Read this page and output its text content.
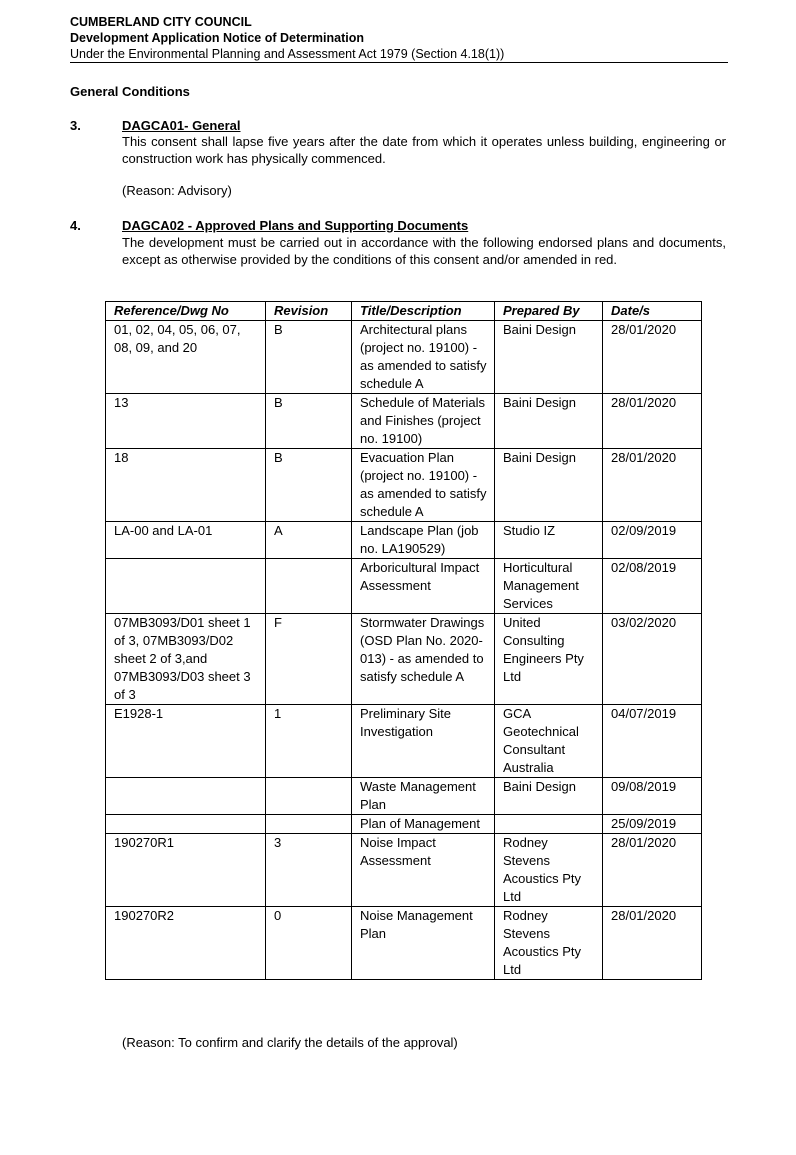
CUMBERLAND CITY COUNCIL
Development Application Notice of Determination
Under the Environmental Planning and Assessment Act 1979 (Section 4.18(1))
General Conditions
3.	DAGCA01- General
This consent shall lapse five years after the date from which it operates unless building, engineering or construction work has physically commenced.
(Reason: Advisory)
4.	DAGCA02 - Approved Plans and Supporting Documents
The development must be carried out in accordance with the following endorsed plans and documents, except as otherwise provided by the conditions of this consent and/or amended in red.
Reference/Dwg No	Revision	Title/Description	Prepared By	Date/s
01, 02, 04, 05, 06, 07, 08, 09, and 20	B	Architectural plans (project no. 19100) - as amended to satisfy schedule A	Baini Design	28/01/2020
13	B	Schedule of Materials and Finishes (project no. 19100)	Baini Design	28/01/2020
18	B	Evacuation Plan (project no. 19100) - as amended to satisfy schedule A	Baini Design	28/01/2020
LA-00 and LA-01	A	Landscape Plan (job no. LA190529)	Studio IZ	02/09/2019
		Arboricultural Impact Assessment	Horticultural Management Services	02/08/2019
07MB3093/D01 sheet 1 of 3, 07MB3093/D02 sheet 2 of 3,and 07MB3093/D03 sheet 3 of 3	F	Stormwater Drawings (OSD Plan No. 2020-013) - as amended to satisfy schedule A	United Consulting Engineers Pty Ltd	03/02/2020
E1928-1	1	Preliminary Site Investigation	GCA Geotechnical Consultant Australia	04/07/2019
		Waste Management Plan	Baini Design	09/08/2019
		Plan of Management		25/09/2019
190270R1	3	Noise Impact Assessment	Rodney Stevens Acoustics Pty Ltd	28/01/2020
190270R2	0	Noise Management Plan	Rodney Stevens Acoustics Pty Ltd	28/01/2020
(Reason: To confirm and clarify the details of the approval)
